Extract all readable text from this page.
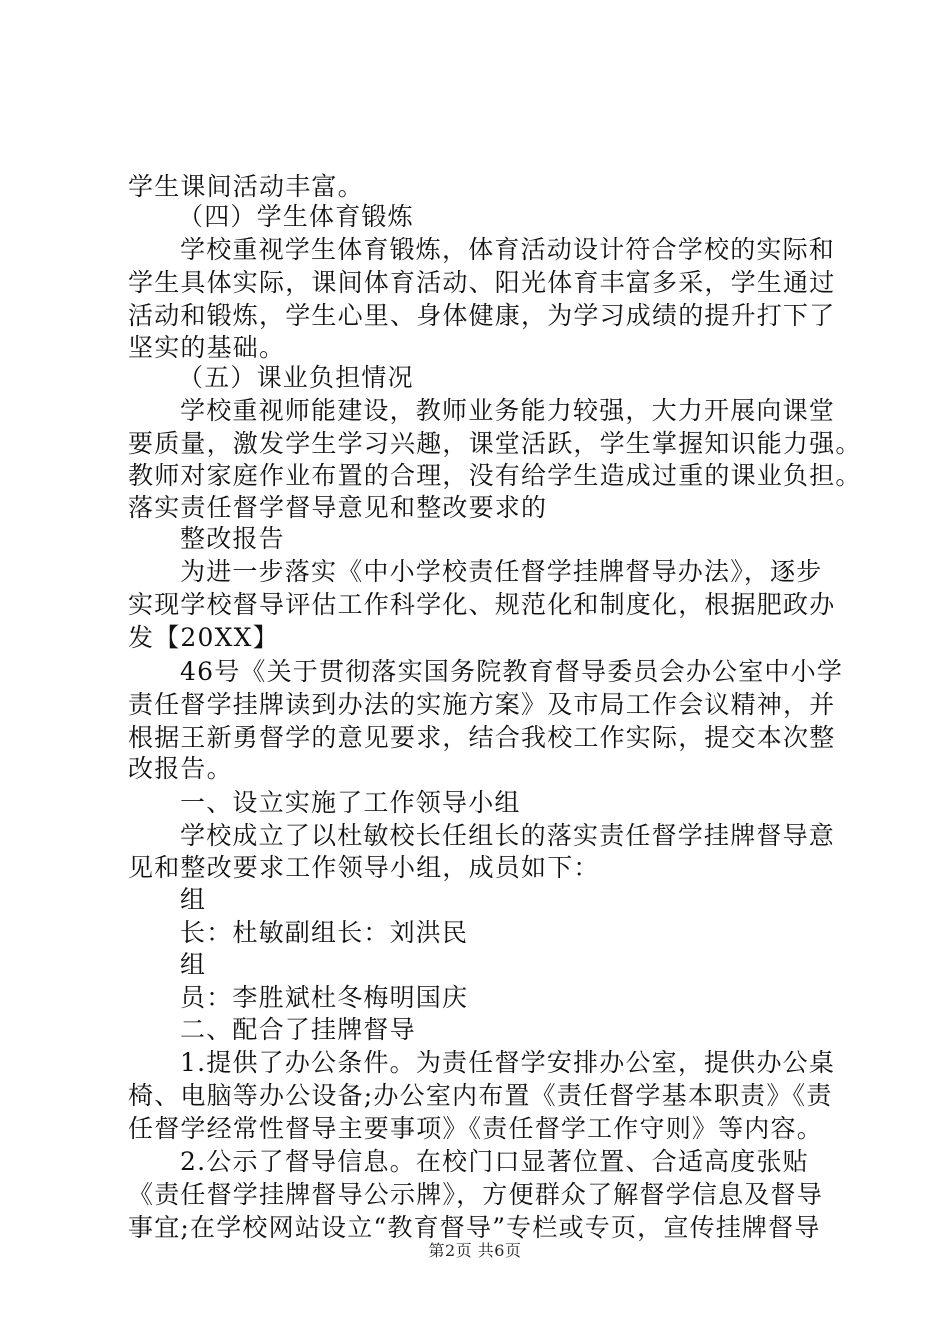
学生课间活动丰富。
（四）学生体育锻炼
学校重视学生体育锻炼，体育活动设计符合学校的实际和
学生具体实际，课间体育活动、阳光体育丰富多采，学生通过
活动和锻炼，学生心里、身体健康，为学习成绩的提升打下了
坚实的基础。
（五）课业负担情况
学校重视师能建设，教师业务能力较强，大力开展向课堂
要质量，激发学生学习兴趣，课堂活跃，学生掌握知识能力强。
教师对家庭作业布置的合理，没有给学生造成过重的课业负担。
落实责任督学督导意见和整改要求的
整改报告
为进一步落实《中小学校责任督学挂牌督导办法》，逐步
实现学校督导评估工作科学化、规范化和制度化，根据肥政办
发【20XX】
46号《关于贯彻落实国务院教育督导委员会办公室中小学
责任督学挂牌读到办法的实施方案》及市局工作会议精神，并
根据王新勇督学的意见要求，结合我校工作实际，提交本次整
改报告。
一、设立实施了工作领导小组
学校成立了以杜敏校长任组长的落实责任督学挂牌督导意
见和整改要求工作领导小组，成员如下：
组
长：杜敏副组长：刘洪民
组
员：李胜斌杜冬梅明国庆
二、配合了挂牌督导
1.提供了办公条件。为责任督学安排办公室，提供办公桌
椅、电脑等办公设备;办公室内布置《责任督学基本职责》《责
任督学经常性督导主要事项》《责任督学工作守则》等内容。
2.公示了督导信息。在校门口显著位置、合适高度张贴
《责任督学挂牌督导公示牌》，方便群众了解督学信息及督导
事宜;在学校网站设立“教育督导”专栏或专页，宣传挂牌督导
第2页 共6页
